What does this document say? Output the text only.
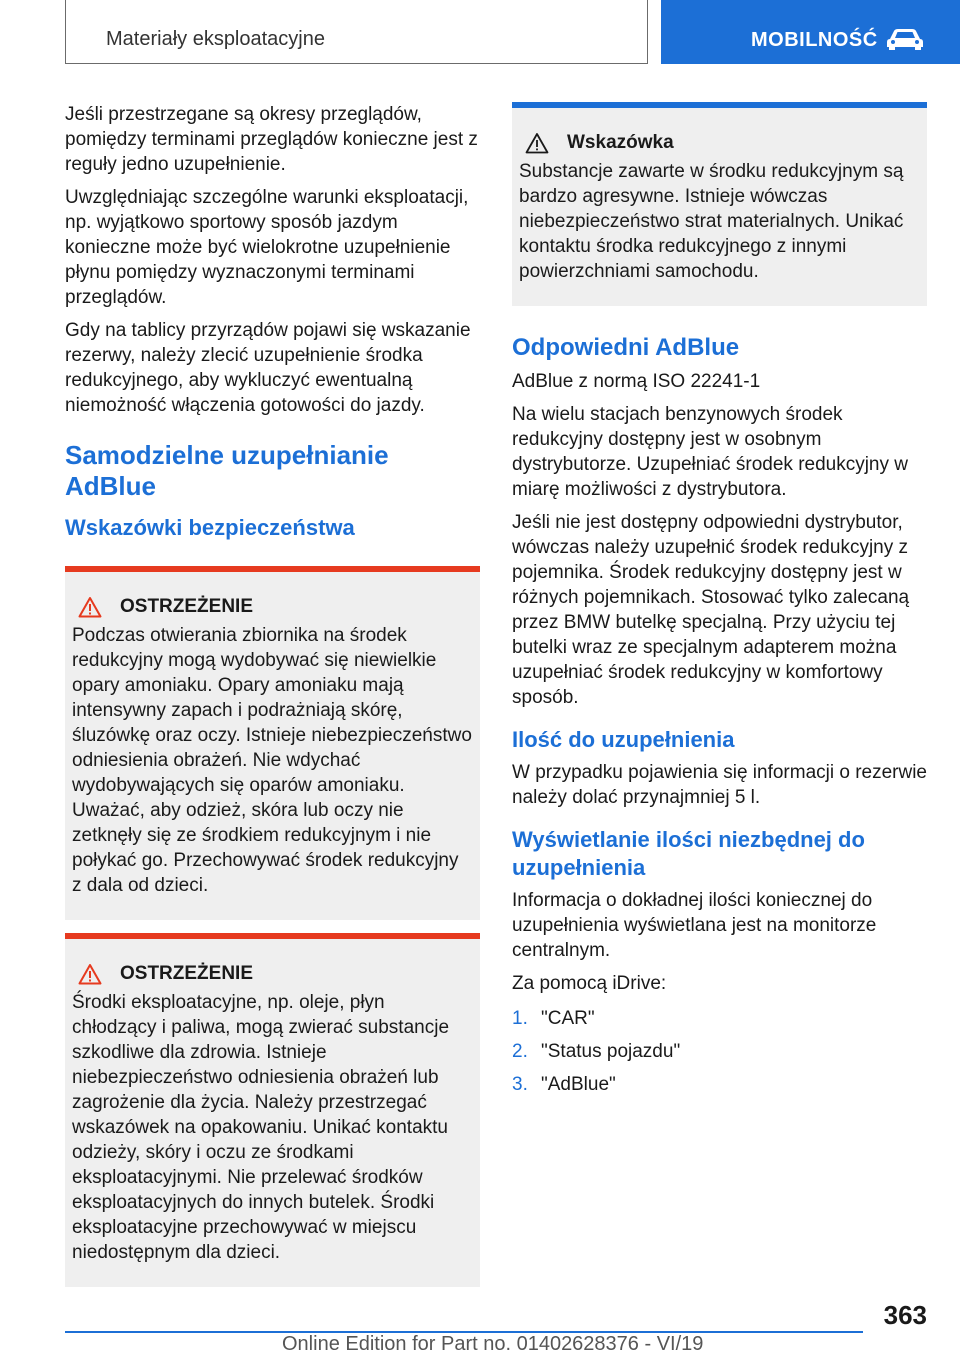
Materiały eksploatacyjne	MOBILNOŚĆ

Jeśli przestrzegane są okresy przeglądów, pomiędzy terminami przeglądów konieczne jest z reguły jedno uzupełnienie.

Uwzględniając szczególne warunki eksploatacji, np. wyjątkowo sportowy sposób jazdym konieczne może być wielokrotne uzupełnienie płynu pomiędzy wyznaczonymi terminami przeglądów.

Gdy na tablicy przyrządów pojawi się wskazanie rezerwy, należy zlecić uzupełnienie środka redukcyjnego, aby wykluczyć ewentualną niemożność włączenia gotowości do jazdy.

Samodzielne uzupełnianie AdBlue
Wskazówki bezpieczeństwa
OSTRZEŻENIE

Podczas otwierania zbiornika na środek redukcyjny mogą wydobywać się niewielkie opary amoniaku. Opary amoniaku mają intensywny zapach i podrażniają skórę, śluzówkę oraz oczy. Istnieje niebezpieczeństwo odniesienia obrażeń. Nie wdychać wydobywających się oparów amoniaku. Uważać, aby odzież, skóra lub oczy nie zetknęły się ze środkiem redukcyjnym i nie połykać go. Przechowywać środek redukcyjny z dala od dzieci.

OSTRZEŻENIE

Środki eksploatacyjne, np. oleje, płyn chłodzący i paliwa, mogą zwierać substancje szkodliwe dla zdrowia. Istnieje niebezpieczeństwo odniesienia obrażeń lub zagrożenie dla życia. Należy przestrzegać wskazówek na opakowaniu. Unikać kontaktu odzieży, skóry i oczu ze środkami eksploatacyjnymi. Nie przelewać środków eksploatacyjnych do innych butelek. Środki eksploatacyjne przechowywać w miejscu niedostępnym dla dzieci.

Wskazówka

Substancje zawarte w środku redukcyjnym są bardzo agresywne. Istnieje wówczas niebezpieczeństwo strat materialnych. Unikać kontaktu środka redukcyjnego z innymi powierzchniami samochodu.

Odpowiedni AdBlue

AdBlue z normą ISO 22241-1

Na wielu stacjach benzynowych środek redukcyjny dostępny jest w osobnym dystrybutorze. Uzupełniać środek redukcyjny w miarę możliwości z dystrybutora.

Jeśli nie jest dostępny odpowiedni dystrybutor, wówczas należy uzupełnić środek redukcyjny z pojemnika. Środek redukcyjny dostępny jest w różnych pojemnikach. Stosować tylko zalecaną przez BMW butelkę specjalną. Przy użyciu tej butelki wraz ze specjalnym adapterem można uzupełniać środek redukcyjny w komfortowy sposób.

Ilość do uzupełnienia

W przypadku pojawienia się informacji o rezerwie należy dolać przynajmniej 5 l.

Wyświetlanie ilości niezbędnej do uzupełnienia

Informacja o dokładnej ilości koniecznej do uzupełnienia wyświetlana jest na monitorze centralnym.

Za pomocą iDrive:

1. "CAR"
2. "Status pojazdu"
3. "AdBlue"
363
Online Edition for Part no. 01402628376 - VI/19
